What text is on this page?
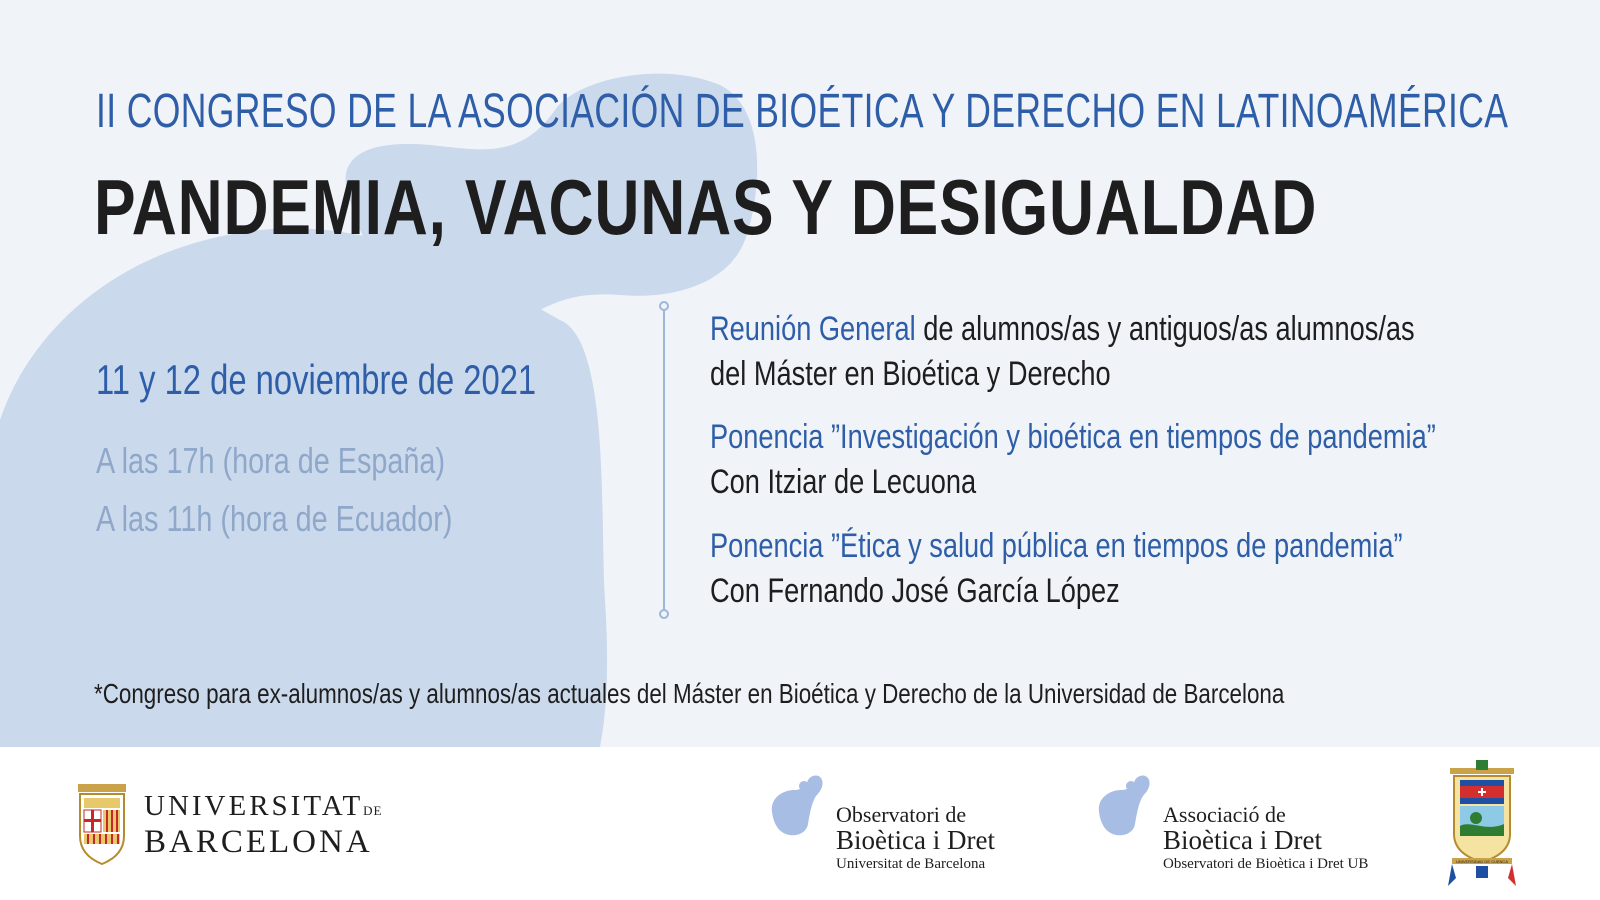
II CONGRESO DE LA ASOCIACIÓN DE BIOÉTICA Y DERECHO EN LATINOAMÉRICA
PANDEMIA, VACUNAS Y DESIGUALDAD
11 y 12 de noviembre de 2021
A las 17h (hora de España)
A las 11h (hora de Ecuador)
Reunión General de alumnos/as y antiguos/as alumnos/as
del Máster en Bioética y Derecho
Ponencia ”Investigación y bioética en tiempos de pandemia”
Con Itziar de Lecuona
Ponencia ”Ética y salud pública en tiempos de pandemia”
Con Fernando José García López
*Congreso para ex-alumnos/as y alumnos/as actuales del Máster en Bioética y Derecho de la Universidad de Barcelona
UNIVERSITATDE
BARCELONA
Observatori de
Bioètica i Dret
Universitat de Barcelona
Associació de
Bioètica i Dret
Observatori de Bioètica i Dret UB	UNIVERSIDAD DE CUENCA
